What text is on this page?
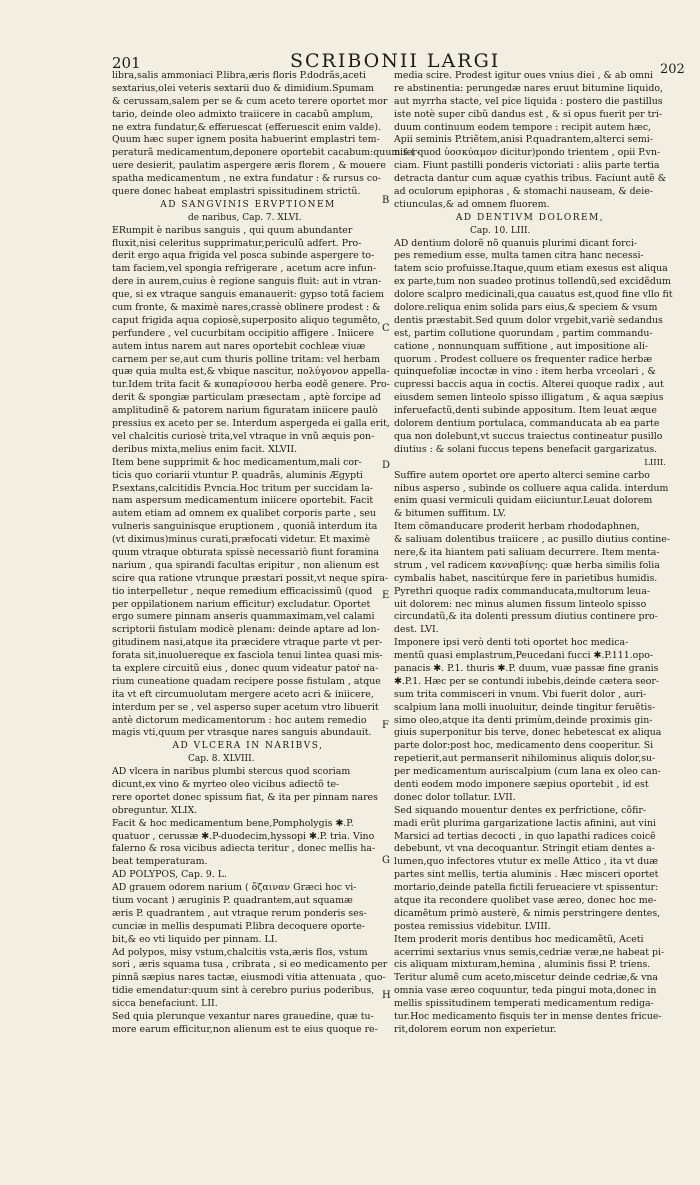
201	SCRIBONII LARGI	202
libra,salis ammoniaci P.libra,æris floris P.dodrãs,aceti
sextarius,olei veteris sextarii duo & dimidium.Spumam
& cerussam,salem per se & cum aceto terere oportet mor
tario, deinde oleo admixto traiicere in cacabũ amplum,
ne extra fundatur,& efferuescat (efferuescit enim valde).
Quum hæc super ignem posita habuerint emplastri tem-
peraturã medicamentum,deponere oportebit cacabum:quum fer-
uere desierit, paulatim aspergere æris florem , & mouere
spatha medicamentum , ne extra fundatur : & rursus co-
quere donec habeat emplastri spissitudinem strictũ.
AD SANGVINIS ERVPTIONEM
de naribus, Cap. 7. XLVI.
ERumpit è naribus sanguis , qui quum abundanter
fluxit,nisi celeritus supprimatur,periculũ adfert. Pro-
derit ergo aqua frigida vel posca subinde aspergere to-
tam faciem,vel spongia refrigerare , acetum acre infun-
dere in aurem,cuius è regione sanguis fluit: aut in vtran-
que, si ex vtraque sanguis emanauerit: gypso totã faciem
cum fronte, & maximè nares,crassè oblinere prodest : &
caput frigida aqua copiosè,superposito aliquo tegumẽto,
perfundere , vel cucurbitam occipitio affigere . Iniicere
autem intus narem aut nares oportebit cochleæ viuæ
carnem per se,aut cum thuris polline tritam: vel herbam
quæ quia multa est,& vbique nascitur, πολύγονον appella-
tur.Idem trita facit & κυπαρίσσου herba eodẽ genere. Pro-
derit & spongiæ particulam præsectam , aptè forcipe ad
amplitudinẽ & patorem narium figuratam iniicere paulò
pressius ex aceto per se. Interdum aspergeda ei galla erit,
vel chalcitis curiosè trita,vel vtraque in vnũ æquis pon-
deribus mixta,melius enim facit. XLVII.
Item bene supprimit & hoc medicamentum,mali cor-
ticis quo coriarii vtuntur P. quadrãs, aluminis Ægypti
P.sextans,calcitidis P.vncia.Hoc tritum per succidam la-
nam aspersum medicamentum iniicere oportebit. Facit
autem etiam ad omnem ex qualibet corporis parte , seu
vulneris sanguinisque eruptionem , quoniã interdum ita
(vt diximus)minus curati,præfocati videtur. Et maximè
quum vtraque obturata spissè necessariò fiunt foramina
narium , qua spirandi facultas eripitur , non alienum est
scire qua ratione vtrunque præstari possit,vt neque spira-
tio interpelletur , neque remedium efficacissimũ (quod
per oppilationem narium efficitur) excludatur. Oportet
ergo sumere pinnam anseris quammaximam,vel calami
scriptorii fistulam modicè plenam: deinde aptare ad lon-
gitudinem nasi,atque ita præcidere vtraque parte vt per-
forata sit,inuoluereque ex fasciola tenui lintea quasi mis-
ta explere circuitũ eius , donec quum videatur patoṙ na-
rium cuneatione quadam recipere posse fistulam , atque
ita vt eft circumuolutam mergere aceto acri & iniicere,
interdum per se , vel asperso super acetum vtro libuerit
antè dictorum medicamentorum : hoc autem remedio
magis vti,quum per vtrasque nares sanguis abundauit.
AD VLCERA IN NARIBVS,
Cap. 8. XLVIII.
AD vlcera in naribus plumbi stercus quod scoriam
dicunt,ex vino & myrteo oleo vicibus adiectõ te-
rere oportet donec spissum fiat, & ita per pinnam nares
obreguntur. XLIX.
Facit & hoc medicamentum bene,Pompholygis ✱.P.
quatuor , cerussæ ✱.P-duodecim,hyssopi ✱.P. tria. Vino
falerno & rosa vicibus adiecta teritur , donec mellis ha-
beat temperaturam.
AD POLYPOS, Cap. 9. L.
AD grauem odorem narium ( ὄζαιναν Græci hoc vi-
tium vocant ) æruginis P. quadrantem,aut squamæ
æris P. quadrantem , aut vtraque rerum ponderis ses-
cunciæ in mellis despumati P.libra decoquere oporte-
bit,& eo vti liquido per pinnam. LI.
Ad polypos, misy vstum,chalcitis vsta,æris flos, vstum
sori , æris squama tusa , cribrata , si eo medicamento per
pinnã sæpius nares tactæ, eiusmodi vitia attenuata , quo-
tidie emendatur:quum sint à cerebro purius poderibus,
sicca benefaciunt. LII.
Sed quia plerunque vexantur nares grauedine, quæ tu-
more earum efficitur,non alienum est te eius quoque re-
media scire. Prodest igitur oues vnius diei , & ab omni
re abstinentia: perungedæ nares eruut bitumine liquido,
aut myrrha stacte, vel pice liquida : postero die pastillus
iste notè super cibũ dandus est , & si opus fuerit per tri-
duum continuum eodem tempore : recipit autem hæc,
Apii seminis P.triẽtem,anisi P.quadrantem,alterci semi-
nis ( quod ὑοσκύαμον dicitur)pondo trientem , opii P.vn-
ciam. Fiunt pastilli ponderis victoriati : aliis parte tertia
detracta dantur cum aquæ cyathis tribus. Faciunt autẽ &
ad oculorum epiphoras , & stomachi nauseam, & deie-
ctiunculas,& ad omnem fluorem.
AD DENTIVM DOLOREM,
Cap. 10. LIII.
AD dentium dolorẽ nõ quanuis plurimi dicant forci-
pes remedium esse, multa tamen citra hanc necessi-
tatem scio profuisse.Itaque,quum etiam exesus est aliqua
ex parte,tum non suadeo protinus tollendũ,sed excidẽdum
dolore scalpro medicinali,qua cauatus est,quod fine vllo fit
dolore.reliqua enim solida pars eius,& speciem & vsum
dentis præstabit.Sed quum dolor vrgebit,variè sedandus
est, partim collutione quorundam , partim commandu-
catione , nonnunquam suffitione , aut impositione ali-
quorum . Prodest colluere os frequenter radice herbæ
quinquefoliæ incoctæ in vino : item herba vrceolari , &
cupressi baccis aqua in coctis. Alterei quoque radix , aut
eiusdem semen linteolo spisso illigatum , & aqua sæpius
inferuefactũ,denti subinde appositum. Item leuat æque
dolorem dentium portulaca, commanducata ab ea parte
qua non dolebunt,vt succus traiectus contineatur pusillo
diutius : & solani fuccus tepens benefacit gargarizatus.
LIIII.
Suffire autem oportet ore aperto alterci semine carbo
nibus asperso , subinde os colluere aqua calida. interdum
enim quasi vermiculi quidam eiiciuntur.Leuat dolorem
& bitumen suffitum. LV.
Item cõmanducare proderit herbam rhododaphnen,
& saliuam dolentibus traiicere , ac pusillo diutius contine-
nere,& ita hiantem pati saliuam decurrere. Item menta-
strum , vel radicem κανναβίνης: quæ herba similis folia
cymbalis habet, nascitúrque fere in parietibus humidis.
Pyrethri quoque radix commanducata,multorum leua-
uit dolorem: nec minus alumen fissum linteolo spisso
circundatũ,& ita dolenti pressum diutius continere pro-
dest. LVI.
Imponere ipsi verò denti toti oportet hoc medica-
mentũ quasi emplastrum,Peucedani fucci ✱.P.111.opo-
panacis ✱. P.1. thuris ✱.P. duum, vuæ passæ fine granis
✱.P.1. Hæc per se contundi iubebis,deinde cætera seor-
sum trita commisceri in vnum. Vbi fuerit dolor , auri-
scalpium lana molli inuoluitur, deinde tingitur feruẽtis-
simo oleo,atque ita denti primùm,deinde proximis gin-
giuis superponitur bis terve, donec hebetescat ex aliqua
parte dolor:post hoc, medicamento dens cooperitur. Si
repetierit,aut permanserit nihilominus aliquis dolor,su-
per medicamentum auriscalpium (cum lana ex oleo can-
denti eodem modo imponere sæpius oportebit , id est
donec dolor tollatur. LVII.
Sed siquando mouentur dentes ex perfrictione, cõfir-
madi erũt plurima gargarizatione lactis afinini, aut vini
Marsici ad tertias decocti , in quo lapathi radices coicẽ
debebunt, vt vna decoquantur. Stringit etiam dentes a-
lumen,quo infectores vtutur ex melle Attico , ita vt duæ
partes sint mellis, tertia aluminis . Hæc misceri oportet
mortario,deinde patella fictili ferueaciere vt spissentur:
atque ita recondere quolibet vase æreo, donec hoc me-
dicamẽtum primò austerè, & nimis perstringere dentes,
postea remissius videbitur. LVIII.
Item proderit moris dentibus hoc medicamẽtũ, Aceti
acerrimi sextarius vnus semis,cedriæ veræ,ne habeat pi-
cis aliquam mixturam,hemina , aluminis fissi P. triens.
Teritur alumẽ cum aceto,miscetur deinde cedriæ,& vna
omnia vase æreo coquuntur, teda pingui mota,donec in
mellis spissitudinem temperati medicamentum rediga-
tur.Hoc medicamento fisquis ter in mense dentes fricue-
rit,dolorem eorum non experietur.
B
C
D
E
F
G
H
